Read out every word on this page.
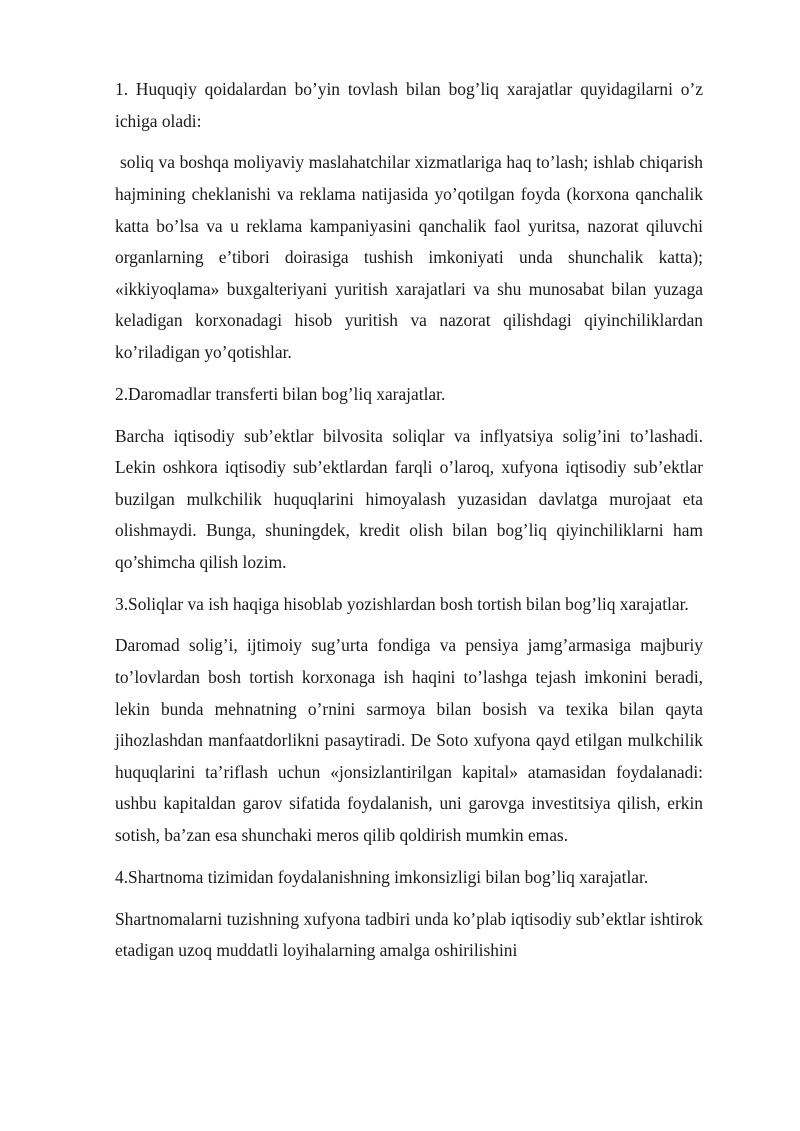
1. Huquqiy qoidalardan bo’yin tovlash bilan bog’liq xarajatlar quyidagilarni o’z ichiga oladi:

soliq va boshqa moliyaviy maslahatchilar xizmatlariga haq to’lash; ishlab chiqarish hajmining cheklanishi va reklama natijasida yo’qotilgan foyda (korxona qanchalik katta bo’lsa va u reklama kampaniyasini qanchalik faol yuritsa, nazorat qiluvchi organlarning e’tibori doirasiga tushish imkoniyati unda shunchalik katta); «ikkiyoqlama» buxgalteriyani yuritish xarajatlari va shu munosabat bilan yuzaga keladigan korxonadagi hisob yuritish va nazorat qilishdagi qiyinchiliklardan ko’riladigan yo’qotishlar.

2.Daromadlar transferti bilan bog’liq xarajatlar.

Barcha iqtisodiy sub’ektlar bilvosita soliqlar va inflyatsiya solig’ini to’lashadi. Lekin oshkora iqtisodiy sub’ektlardan farqli o’laroq, xufyona iqtisodiy sub’ektlar buzilgan mulkchilik huquqlarini himoyalash yuzasidan davlatga murojaat eta olishmaydi. Bunga, shuningdek, kredit olish bilan bog’liq qiyinchiliklarni ham qo’shimcha qilish lozim.

3.Soliqlar va ish haqiga hisoblab yozishlardan bosh tortish bilan bog’liq xarajatlar.

Daromad solig’i, ijtimoiy sug’urta fondiga va pensiya jamg’armasiga majburiy to’lovlardan bosh tortish korxonaga ish haqini to’lashga tejash imkonini beradi, lekin bunda mehnatning o’rnini sarmoya bilan bosish va texika bilan qayta jihozlashdan manfaatdorlikni pasaytiradi. De Soto xufyona qayd etilgan mulkchilik huquqlarini ta’riflash uchun «jonsizlantirilgan kapital» atamasidan foydalanadi: ushbu kapitaldan garov sifatida foydalanish, uni garovga investitsiya qilish, erkin sotish, ba’zan esa shunchaki meros qilib qoldirish mumkin emas.

4.Shartnoma tizimidan foydalanishning imkonsizligi bilan bog’liq xarajatlar.

Shartnomalarni tuzishning xufyona tadbiri unda ko’plab iqtisodiy sub’ektlar ishtirok etadigan uzoq muddatli loyihalarning amalga oshirilishini
